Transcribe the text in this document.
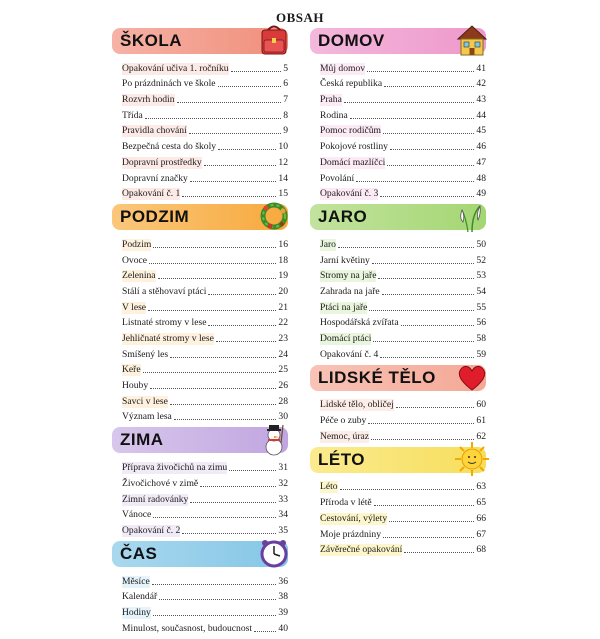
OBSAH
ŠKOLA
Opakování učiva 1. ročníku	5
Po prázdninách ve škole	6
Rozvrh hodin	7
Třída	8
Pravidla chování	9
Bezpečná cesta do školy	10
Dopravní prostředky	12
Dopravní značky	14
Opakování č. 1	15
PODZIM
Podzim	16
Ovoce	18
Zelenina	19
Stálí a stěhovaví ptáci	20
V lese	21
Listnaté stromy v lese	22
Jehličnaté stromy v lese	23
Smíšený les	24
Keře	25
Houby	26
Savci v lese	28
Význam lesa	30
ZIMA
Příprava živočichů na zimu	31
Živočichové v zimě	32
Zimní radovánky	33
Vánoce	34
Opakování č. 2	35
ČAS
Měsíce	36
Kalendář	38
Hodiny	39
Minulost, současnost, budoucnost	40
DOMOV
Můj domov	41
Česká republika	42
Praha	43
Rodina	44
Pomoc rodičům	45
Pokojové rostliny	46
Domácí mazlíčci	47
Povolání	48
Opakování č. 3	49
JARO
Jaro	50
Jarní květiny	52
Stromy na jaře	53
Zahrada na jaře	54
Ptáci na jaře	55
Hospodářská zvířata	56
Domácí ptáci	58
Opakování č. 4	59
LIDSKÉ TĚLO
Lidské tělo, obličej	60
Péče o zuby	61
Nemoc, úraz	62
LÉTO
Léto	63
Příroda v létě	65
Cestování, výlety	66
Moje prázdniny	67
Závěrečné opakování	68
